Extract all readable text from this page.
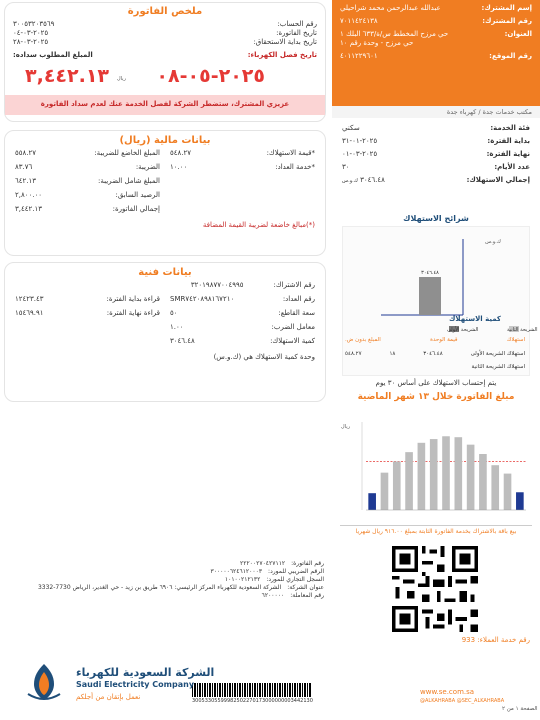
إسم المشترك:
عبدالله عبدالرحمن محمد شراحيلي
رقم المشترك:
٧٠١١٤٢٤١٣٨
العنوان:
حي مرزح المخطط س/ة/٦٣٣ البلك ١ حي مرزح - وحدة رقم ١٠
رقم الموقع:
٤٠١١٢٢٩٦٠١
مكتب خدمات جدة / كهرباء جدة
فئة الخدمة:
سكني
بداية الفترة:
٢٠٢٥-٠١-٣١
نهاية الفترة:
٢٠٢٥-٠٣-٠١
عدد الأيام:
٣٠
إجمالي الاستهلاك:
٣٠٤٦.٤٨ ك.و.س
شرائح الاستهلاك
ك.و.س
٣٠٤٦.٤٨
الشريحة الأولى	الشريحة الثانية
كمية الاستهلاك
استهلاك
قيمة الوحدة
المبلغ بدون ض.
استهلاك الشريحة الأولى
٣٠٤٦.٤٨
١٨
٥٤٨.٢٧
استهلاك الشريحة الثانية
يتم إحتساب الاستهلاك على أساس ٣٠ يوم
مبلغ الفاتورة خلال ١٣ شهر الماضية
ريال
بيع باقة بالاشتراك بخدمة الفاتورة الثابتة بمبلغ ٩١٦.٠٠ ريال شهريا
رقم خدمة العملاء: 933
ملخص الفاتورة
رقم الحساب:
٣٠٠٥٣٢٠٣٥٦٩
تاريخ الفاتورة:
٢٠٢٥-٠٣-٠٤
تاريخ بداية الاستحقاق:
٢٠٢٥-٠٣-٢٨
تاريخ فصل الكهرباء:
المبلغ المطلوب سداده:
٢٠٢٥-٠٥-٠٨
٣,٤٤٢.١٣ ريال
عزيزي المشترك، ستضطر الشركة لفصل الخدمة عنك لعدم سداد الفاتورة
بيانات مالية (ريال)
*قيمة الاستهلاك:
٥٤٨.٢٧
*خدمة العداد:
١٠.٠٠
المبلغ الخاضع للضريبة:
٥٥٨.٢٧
الضريبة:
٨٣.٧٦
المبلغ شامل الضريبة:
٦٤٢.١٣
الرصيد السابق:
٢,٨٠٠.٠٠
إجمالي الفاتورة:
٣,٤٤٢.١٣
(*)مبالغ خاضعة لضريبة القيمة المضافة
بيانات فنية
رقم الاشتراك:
٣٢٠١٩٨٧٧٠٠٤٩٩٥
رقم العداد:
SMR٧٤٢٠٨٩٨١٦٧٢١٠
سعة القاطع:
٥٠
معامل الضرب:
١.٠٠
كمية الاستهلاك:
٣٠٤٦.٤٨
قراءة بداية الفترة:
١٢٤٢٣.٤٣
قراءة نهاية الفترة:
١٥٤٦٩.٩١
وحدة كمية الاستهلاك هي (ك.و.س)
رقم الفاتورة:
٢٢٢٠٠٢٧٠٤٢٧١١٢
الرقم الضريبي للمورد:
٣٠٠٠٠٠٦٢٤٦١٢٠٠٠٣
السجل التجاري للمورد:
١٠١٠٠٢١٢١٣٢
عنوان الشركة:
الشركة السعودية للكهرباء المركز الرئيسي: ٦٩٠٦ طريق بن زيد - حي الغدير، الرياض 7730-3332
رقم المعاملة:
٦٢٠٠٠٠٠
30053305599982502270173000000003442130
الشركة السعودية للكهرباء
Saudi Electricity Company
نعمل بإتقان من أجلكم
www.se.com.sa
@ALKAHRABA @SEC_ALKAHRABA
الصفحة ١ من ٢
